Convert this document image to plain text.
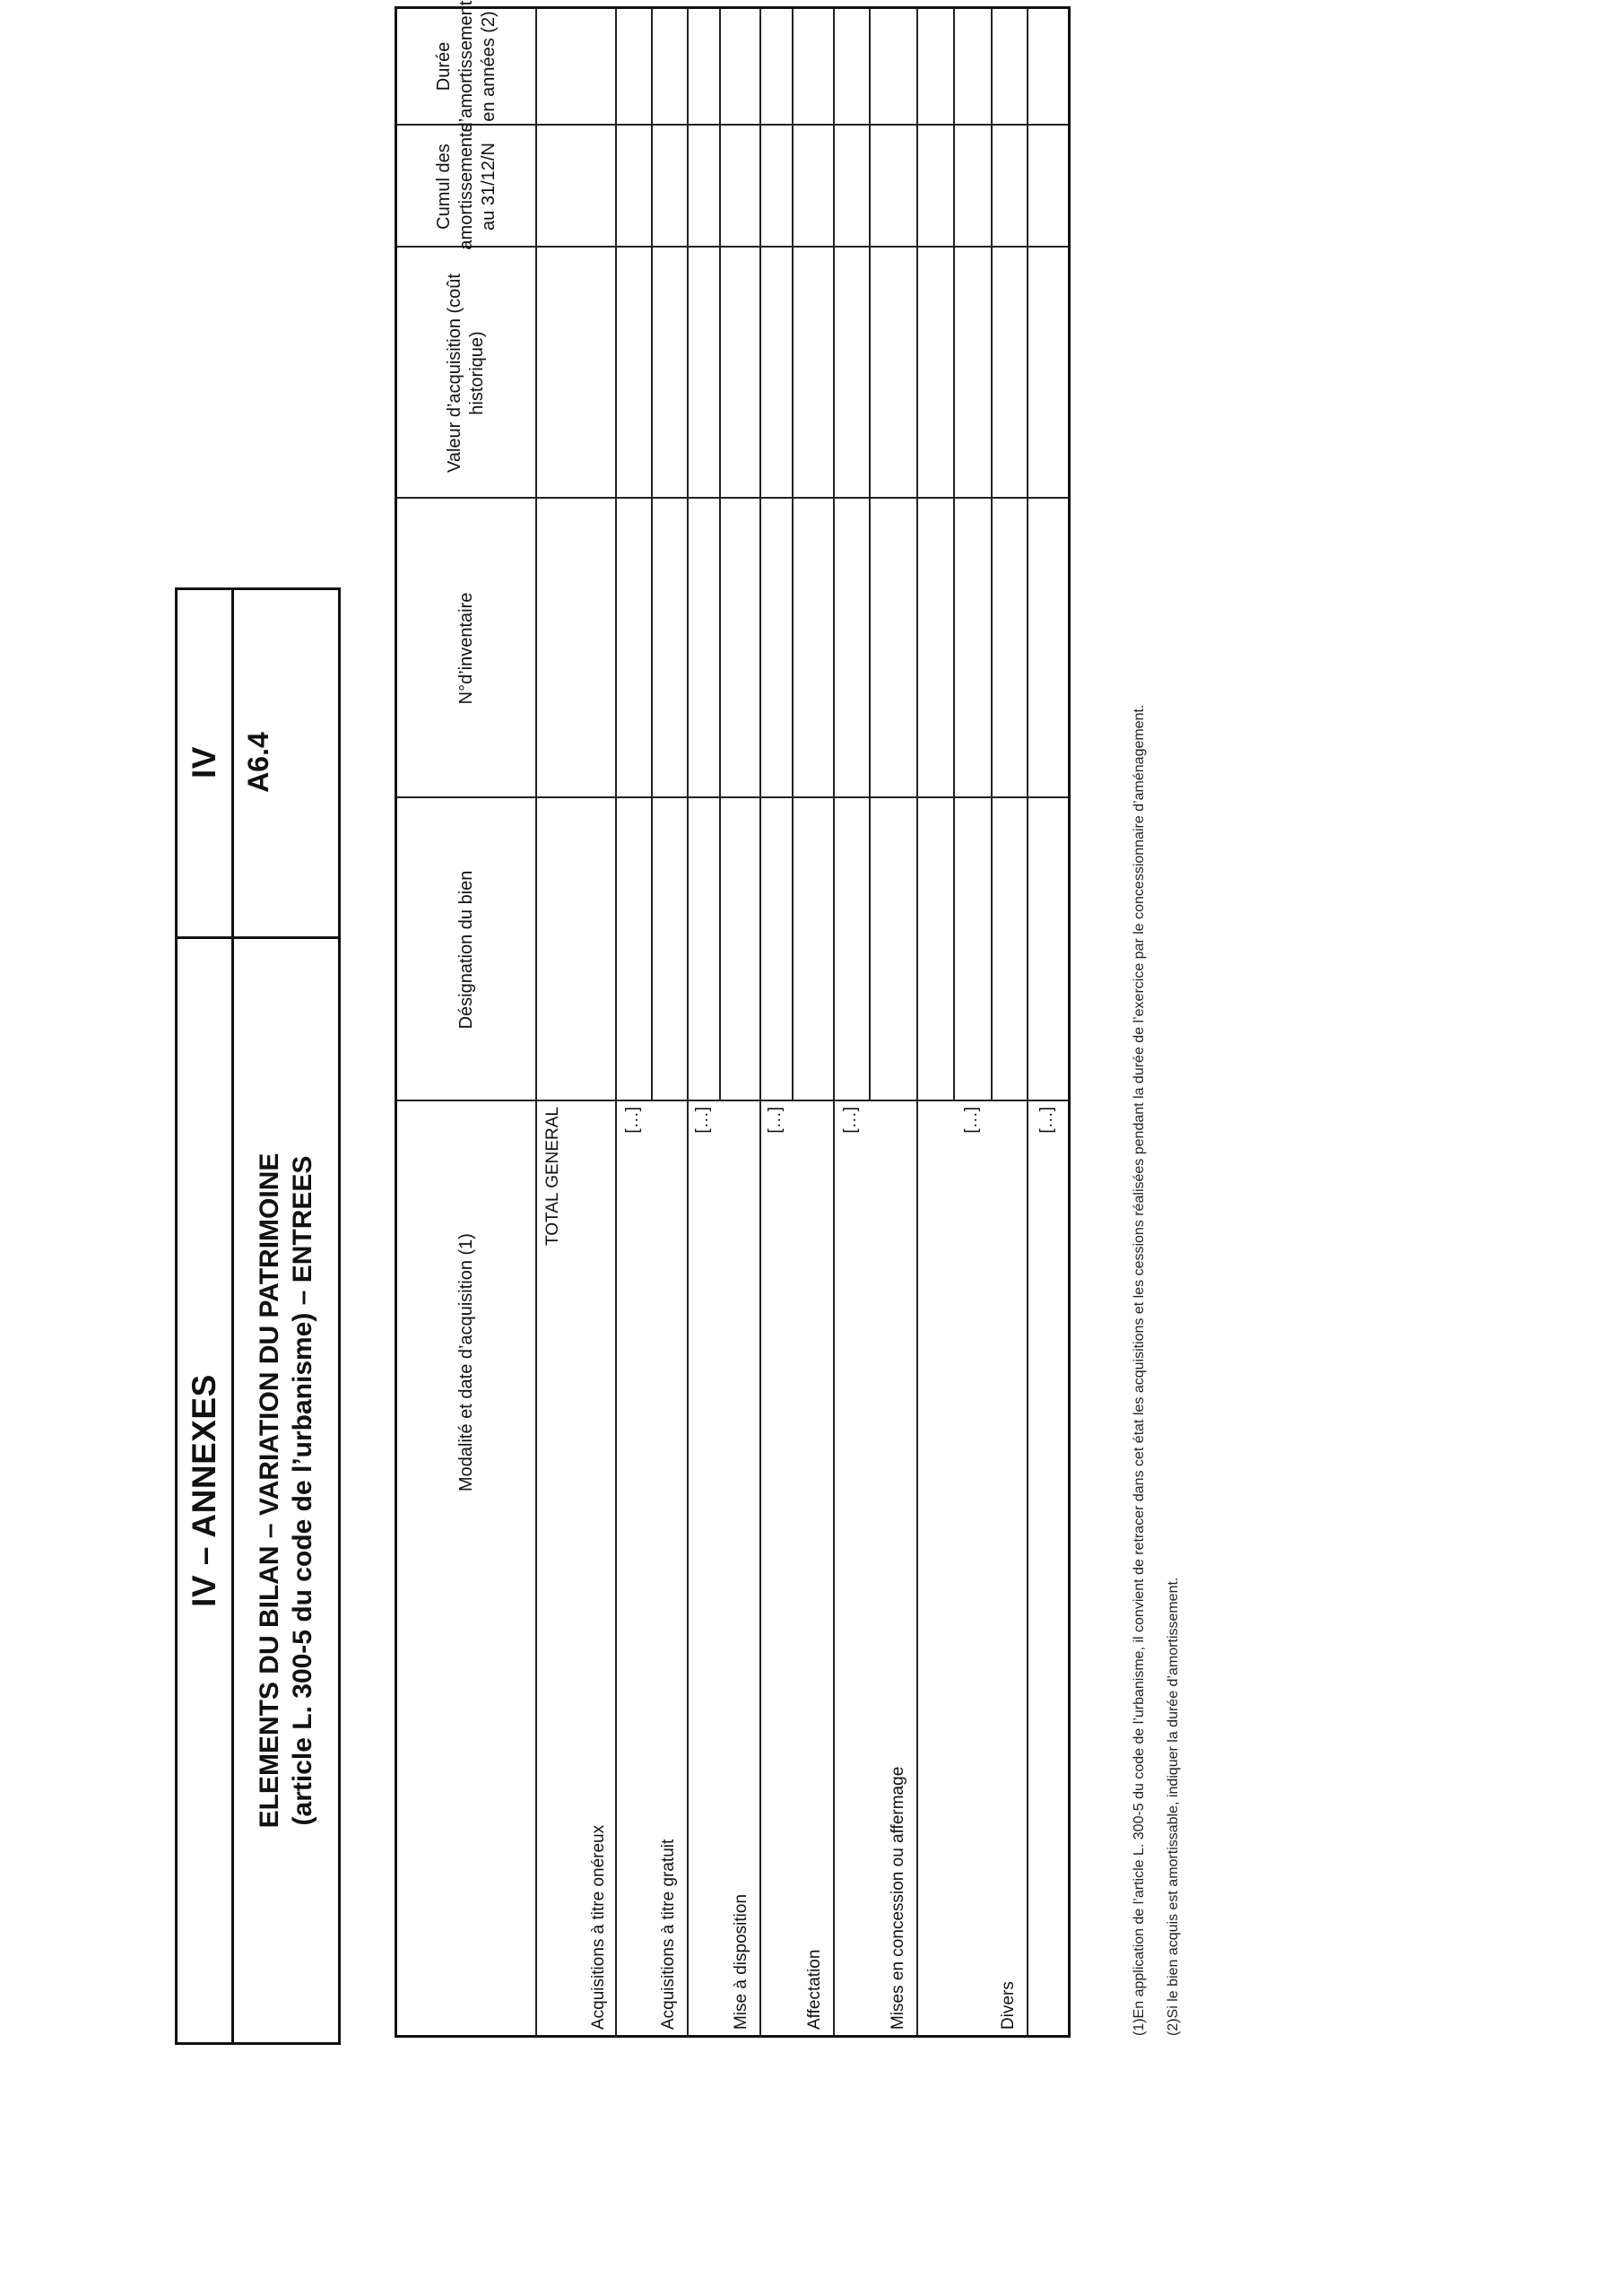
IV – ANNEXES
IV
ELEMENTS DU BILAN – VARIATION DU PATRIMOINE (article L. 300-5 du code de l’urbanisme) – ENTREES
A6.4
Modalité et date d’acquisition (1)
Désignation du bien
N°d’inventaire
Valeur d’acquisition (coût historique)
Cumul des amortissements au 31/12/N
Durée d’amortissement en années (2)
TOTAL GENERAL
Acquisitions à titre onéreux
[…]
Acquisitions à titre gratuit
[…]
Mise à disposition
[…]
Affectation
[…]
Mises en concession ou affermage
[…]
Divers
[…]	(1)En application de l’article L. 300-5 du code de l’urbanisme, il convient de retracer dans cet état les acquisitions et les cessions réalisées pendant la durée de l’exercice par le concessionnaire d’aménagement. (2)Si le bien acquis est amortissable, indiquer la durée d’amortissement.
